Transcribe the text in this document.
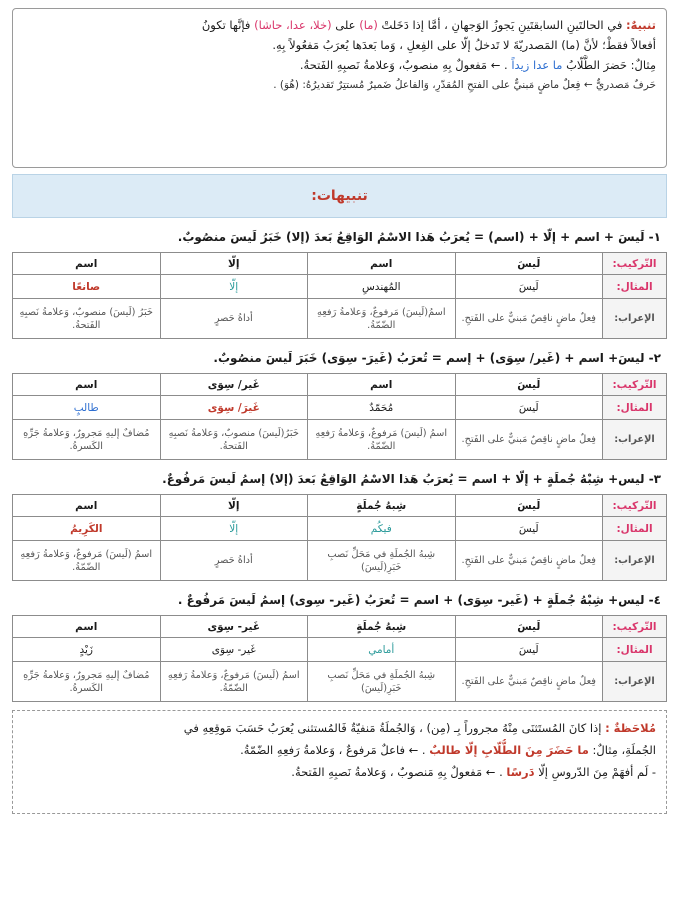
تنبيهٌ: في الحالتَينِ السابقتَينِ يَجوزُ الوَجهانِ ، أمَّا إذا دَخَلتْ (ما) على (خلا، عدا، حاشا) فإنَّها تكونُ
أفعالاً فقطْ؛ لأنَّ (ما) المَصدريّةَ لا تَدخلُ إلّا على الفِعلِ ، وَما بَعدَها يُعرَبُ مَفعُولاً بِهِ.
مِثالٌ: حَضرَ الطُّلّابُ ما عدا زيداً . ← مَفعولٌ بِهِ منصوبٌ، وَعلامةُ نَصبِهِ الفَتحةُ.
حَرفٌ مَصدريٌّ ← فِعلٌ ماضٍ مَبنيٌّ على الفتحِ المُقدّرِ، وَالفاعلُ ضَميرٌ مُستتِرٌ تَقديرُهُ: (هُوَ) .
تنبيهات:
١- لَيسَ + اسم + إلّا + (اسم) = يُعرَبُ هَذا الاسْمُ الوَاقِعُ بَعدَ (إلا) خَبَرُ لَيسَ منصُوبٌ.
التّركيب:	لَيسَ	اسم	إلّا	اسم
المثال:	لَيسَ	المُهندسِ	إلّا	صانعًا
الإعراب:	فِعلٌ ماضٍ ناقِصٌ مَبنيٌّ على الفَتحِ.	اسمُ(لَيسَ) مَرفوعٌ، وَعلامةُ رَفعِهِ الضّمّةُ.	أداةُ حَصرٍ	خَبَرُ (لَيسَ) منصوبٌ، وَعلامةُ نَصبِهِ الفَتحةُ.
٢- ليسَ+ اسم + (غَير/ سِوَى) + إسم = تُعرَبُ (غَيرَ- سِوَى) خَبَرَ لَيسَ منصُوبٌ.
التّركيب:	لَيسَ	اسم	غَير/ سِوَى	اسم
المثال:	لَيسَ	مُحَمّدٌ	غَيرَ/ سِوَى	طالبٍ
الإعراب:	فِعلٌ ماضٍ ناقِصٌ مَبنيٌّ على الفَتحِ.	اسمُ (لَيسَ) مَرفوعٌ، وَعلامةُ رَفعِهِ الضّمّةُ.	خَبَرُ(لَيسَ) منصوبٌ، وَعلامةُ نَصبِهِ الفَتحةُ.	مُضافٌ إليهِ مَجرورٌ، وَعلامةُ جَرِّهِ الكَسرةُ.
٣- ليس+ شِبْهُ جُملَةٍ + إلّا + اسم = يُعرَبُ هَذا الاسْمُ الوَاقِعُ بَعدَ (إلا) إسمُ لَيسَ مَرفُوعٌ.
التّركيب:	لَيسَ	شِبهُ جُملَةٍ	إلّا	اسم
المثال:	لَيسَ	فيكُم	إلّا	الكَرِيمُ
الإعراب:	فِعلٌ ماضٍ ناقِصٌ مَبنيٌّ على الفَتحِ.	شِبهُ الجُملَةِ في مَحَلِّ نَصبِ خَبَرِ(لَيسَ)	أداةُ حَصرٍ	اسمُ (لَيسَ) مَرفوعٌ، وَعلامةُ رَفعِهِ الضّمّةُ.
٤- ليس+ شِبْهُ جُملَةٍ + (غَير- سِوَى) + اسم = تُعرَبُ (غَير- سِوى) إسمُ لَيسَ مَرفُوعٌ .
التّركيب:	لَيسَ	شِبهُ جُملَةٍ	غَير- سِوَى	اسم
المثال:	لَيسَ	أمامي	غَير- سِوَى	زَيْدٍ
الإعراب:	فِعلٌ ماضٍ ناقِصٌ مَبنيٌّ على الفَتحِ.	شِبهُ الجُملَةِ في مَحَلِّ نَصبِ خَبَرِ(لَيسَ)	اسمُ (لَيسَ) مَرفوعٌ، وَعلامةُ رَفعِهِ الضّمّةُ.	مُضافٌ إليهِ مَجرورٌ، وَعلامةُ جَرِّهِ الكَسرةُ.
مُلاحَظةٌ : إذا كانَ المُستَثنَى مِنْهُ مجروراً بِـ (مِن) ، وَالجُملَةُ مَنفيّةٌ فَالمُستثنى يُعرَبُ حَسَبَ مَوقِعِهِ في
الجُملَةِ، مِثالٌ: ما حَضَرَ مِنَ الطُّلّابِ إلّا طالبٌ . ← فاعلٌ مَرفوعٌ ، وَعلامةُ رَفعِهِ الضّمّةُ.
- لَم أفهَمْ مِنَ الدّروسِ إلّا دَرسًا . ← مَفعولٌ بِهِ مَنصوبٌ ، وَعلامةُ نَصبِهِ الفَتحةُ.
